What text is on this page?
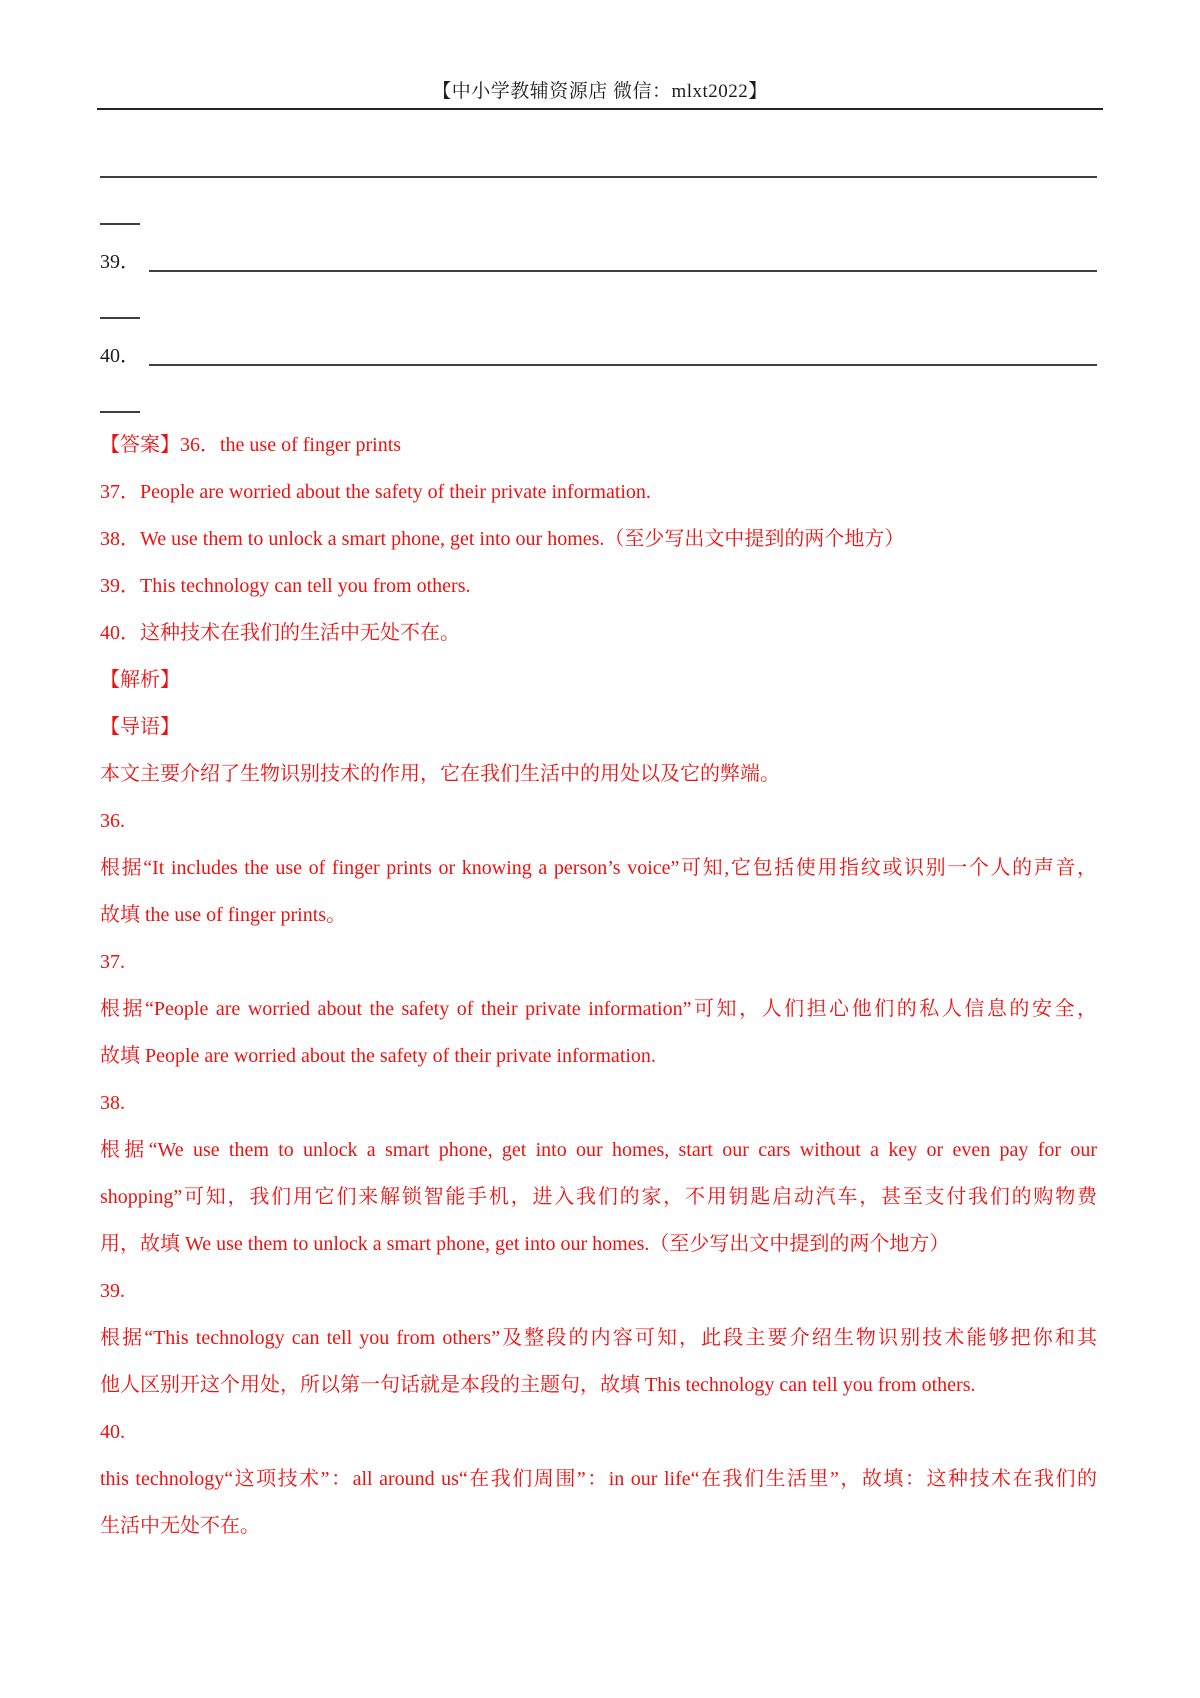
【中小学教辅资源店 微信：mlxt2022】
39．
40．
【答案】36．the use of finger prints
37．People are worried about the safety of their private information.
38．We use them to unlock a smart phone, get into our homes.（至少写出文中提到的两个地方）
39．This technology can tell you from others.
40．这种技术在我们的生活中无处不在。
【解析】
【导语】
本文主要介绍了生物识别技术的作用，它在我们生活中的用处以及它的弊端。
36.
根据“It includes the use of finger prints or knowing a person’s voice”可知,它包括使用指纹或识别一个人的声音，
故填 the use of finger prints。
37.
根据“People are worried about the safety of their private information”可知，人们担心他们的私人信息的安全，
故填 People are worried about the safety of their private information.
38.
根据“We use them to unlock a smart phone, get into our homes, start our cars without a key or even pay for our
shopping”可知，我们用它们来解锁智能手机，进入我们的家，不用钥匙启动汽车，甚至支付我们的购物费
用，故填 We use them to unlock a smart phone, get into our homes.（至少写出文中提到的两个地方）
39.
根据“This technology can tell you from others”及整段的内容可知，此段主要介绍生物识别技术能够把你和其
他人区别开这个用处，所以第一句话就是本段的主题句，故填 This technology can tell you from others.
40.
this technology“这项技术”：all around us“在我们周围”：in our life“在我们生活里”，故填：这种技术在我们的
生活中无处不在。
